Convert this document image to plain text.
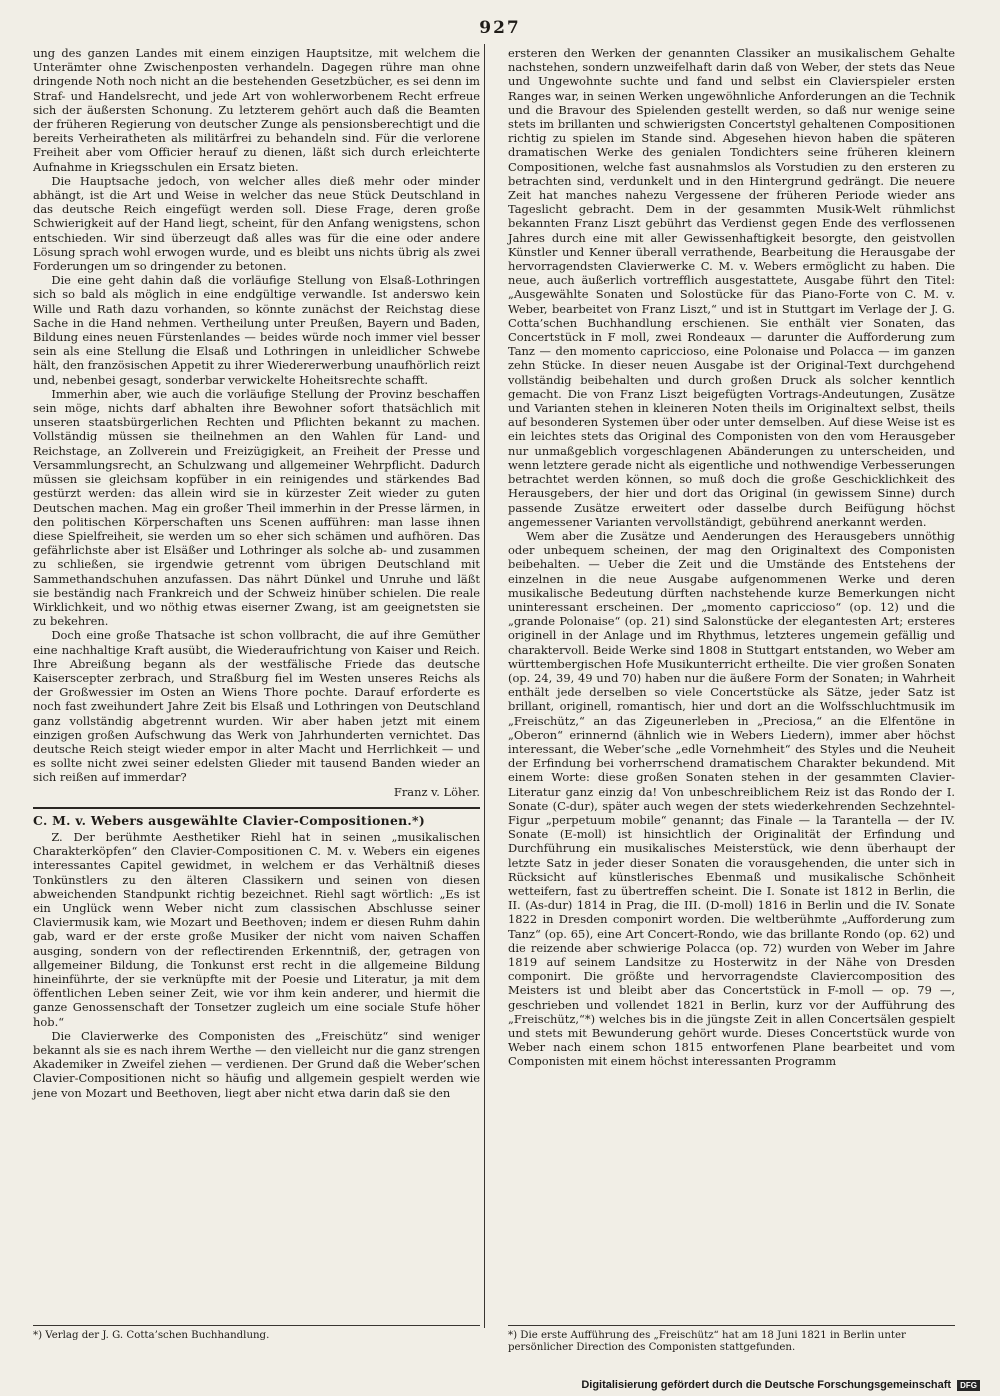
927

ung des ganzen Landes mit einem einzigen Hauptsitze, mit welchem die Unterämter ohne Zwischenposten verhandeln. Dagegen rühre man ohne dringende Noth noch nicht an die bestehenden Gesetzbücher, es sei denn im Straf- und Handelsrecht, und jede Art von wohlerworbenem Recht erfreue sich der äußersten Schonung. Zu letzterem gehört auch daß die Beamten der früheren Regierung von deutscher Zunge als pensionsberechtigt und die bereits Verheiratheten als militärfrei zu behandeln sind. Für die verlorene Freiheit aber vom Officier herauf zu dienen, läßt sich durch erleichterte Aufnahme in Kriegsschulen ein Ersatz bieten.

Die Hauptsache jedoch, von welcher alles dieß mehr oder minder abhängt, ist die Art und Weise in welcher das neue Stück Deutschland in das deutsche Reich eingefügt werden soll. Diese Frage, deren große Schwierigkeit auf der Hand liegt, scheint, für den Anfang wenigstens, schon entschieden. Wir sind überzeugt daß alles was für die eine oder andere Lösung sprach wohl erwogen wurde, und es bleibt uns nichts übrig als zwei Forderungen um so dringender zu betonen.

Die eine geht dahin daß die vorläufige Stellung von Elsaß-Lothringen sich so bald als möglich in eine endgültige verwandle. Ist anderswo kein Wille und Rath dazu vorhanden, so könnte zunächst der Reichstag diese Sache in die Hand nehmen. Vertheilung unter Preußen, Bayern und Baden, Bildung eines neuen Fürstenlandes — beides würde noch immer viel besser sein als eine Stellung die Elsaß und Lothringen in unleidlicher Schwebe hält, den französischen Appetit zu ihrer Wiedererwerbung unaufhörlich reizt und, nebenbei gesagt, sonderbar verwickelte Hoheitsrechte schafft.

Immerhin aber, wie auch die vorläufige Stellung der Provinz beschaffen sein möge, nichts darf abhalten ihre Bewohner sofort thatsächlich mit unseren staatsbürgerlichen Rechten und Pflichten bekannt zu machen. Vollständig müssen sie theilnehmen an den Wahlen für Land- und Reichstage, an Zollverein und Freizügigkeit, an Freiheit der Presse und Versammlungsrecht, an Schulzwang und allgemeiner Wehrpflicht. Dadurch müssen sie gleichsam kopfüber in ein reinigendes und stärkendes Bad gestürzt werden: das allein wird sie in kürzester Zeit wieder zu guten Deutschen machen. Mag ein großer Theil immerhin in der Presse lärmen, in den politischen Körperschaften uns Scenen aufführen: man lasse ihnen diese Spielfreiheit, sie werden um so eher sich schämen und aufhören. Das gefährlichste aber ist Elsäßer und Lothringer als solche ab- und zusammen zu schließen, sie irgendwie getrennt vom übrigen Deutschland mit Sammethandschuhen anzufassen. Das nährt Dünkel und Unruhe und läßt sie beständig nach Frankreich und der Schweiz hinüber schielen. Die reale Wirklichkeit, und wo nöthig etwas eiserner Zwang, ist am geeignetsten sie zu bekehren.

Doch eine große Thatsache ist schon vollbracht, die auf ihre Gemüther eine nachhaltige Kraft ausübt, die Wiederaufrichtung von Kaiser und Reich. Ihre Abreißung begann als der westfälische Friede das deutsche Kaiserscepter zerbrach, und Straßburg fiel im Westen unseres Reichs als der Großwessier im Osten an Wiens Thore pochte. Darauf erforderte es noch fast zweihundert Jahre Zeit bis Elsaß und Lothringen von Deutschland ganz vollständig abgetrennt wurden. Wir aber haben jetzt mit einem einzigen großen Aufschwung das Werk von Jahrhunderten vernichtet. Das deutsche Reich steigt wieder empor in alter Macht und Herrlichkeit — und es sollte nicht zwei seiner edelsten Glieder mit tausend Banden wieder an sich reißen auf immerdar?

Franz v. Löher.
C. M. v. Webers ausgewählte Clavier-Compositionen.*)

Z. Der berühmte Aesthetiker Riehl hat in seinen „musikalischen Charakterköpfen“ den Clavier-Compositionen C. M. v. Webers ein eigenes interessantes Capitel gewidmet, in welchem er das Verhältniß dieses Tonkünstlers zu den älteren Classikern und seinen von diesen abweichenden Standpunkt richtig bezeichnet. Riehl sagt wörtlich: „Es ist ein Unglück wenn Weber nicht zum classischen Abschlusse seiner Claviermusik kam, wie Mozart und Beethoven; indem er diesen Ruhm dahin gab, ward er der erste große Musiker der nicht vom naiven Schaffen ausging, sondern von der reflectirenden Erkenntniß, der, getragen von allgemeiner Bildung, die Tonkunst erst recht in die allgemeine Bildung hineinführte, der sie verknüpfte mit der Poesie und Literatur, ja mit dem öffentlichen Leben seiner Zeit, wie vor ihm kein anderer, und hiermit die ganze Genossenschaft der Tonsetzer zugleich um eine sociale Stufe höher hob.“

Die Clavierwerke des Componisten des „Freischütz“ sind weniger bekannt als sie es nach ihrem Werthe — den vielleicht nur die ganz strengen Akademiker in Zweifel ziehen — verdienen. Der Grund daß die Weber’schen Clavier-Compositionen nicht so häufig und allgemein gespielt werden wie jene von Mozart und Beethoven, liegt aber nicht etwa darin daß sie den

ersteren den Werken der genannten Classiker an musikalischem Gehalte nachstehen, sondern unzweifelhaft darin daß von Weber, der stets das Neue und Ungewohnte suchte und fand und selbst ein Clavierspieler ersten Ranges war, in seinen Werken ungewöhnliche Anforderungen an die Technik und die Bravour des Spielenden gestellt werden, so daß nur wenige seine stets im brillanten und schwierigsten Concertstyl gehaltenen Compositionen richtig zu spielen im Stande sind. Abgesehen hievon haben die späteren dramatischen Werke des genialen Tondichters seine früheren kleinern Compositionen, welche fast ausnahmslos als Vorstudien zu den ersteren zu betrachten sind, verdunkelt und in den Hintergrund gedrängt. Die neuere Zeit hat manches nahezu Vergessene der früheren Periode wieder ans Tageslicht gebracht. Dem in der gesammten Musik-Welt rühmlichst bekannten Franz Liszt gebührt das Verdienst gegen Ende des verflossenen Jahres durch eine mit aller Gewissenhaftigkeit besorgte, den geistvollen Künstler und Kenner überall verrathende, Bearbeitung die Herausgabe der hervorragendsten Clavierwerke C. M. v. Webers ermöglicht zu haben. Die neue, auch äußerlich vortrefflich ausgestattete, Ausgabe führt den Titel: „Ausgewählte Sonaten und Solostücke für das Piano-Forte von C. M. v. Weber, bearbeitet von Franz Liszt,“ und ist in Stuttgart im Verlage der J. G. Cotta’schen Buchhandlung erschienen. Sie enthält vier Sonaten, das Concertstück in F moll, zwei Rondeaux — darunter die Aufforderung zum Tanz — den momento capriccioso, eine Polonaise und Polacca — im ganzen zehn Stücke. In dieser neuen Ausgabe ist der Original-Text durchgehend vollständig beibehalten und durch großen Druck als solcher kenntlich gemacht. Die von Franz Liszt beigefügten Vortrags-Andeutungen, Zusätze und Varianten stehen in kleineren Noten theils im Originaltext selbst, theils auf besonderen Systemen über oder unter demselben. Auf diese Weise ist es ein leichtes stets das Original des Componisten von den vom Herausgeber nur unmaßgeblich vorgeschlagenen Abänderungen zu unterscheiden, und wenn letztere gerade nicht als eigentliche und nothwendige Verbesserungen betrachtet werden können, so muß doch die große Geschicklichkeit des Herausgebers, der hier und dort das Original (in gewissem Sinne) durch passende Zusätze erweitert oder dasselbe durch Beifügung höchst angemessener Varianten vervollständigt, gebührend anerkannt werden.

Wem aber die Zusätze und Aenderungen des Herausgebers unnöthig oder unbequem scheinen, der mag den Originaltext des Componisten beibehalten. — Ueber die Zeit und die Umstände des Entstehens der einzelnen in die neue Ausgabe aufgenommenen Werke und deren musikalische Bedeutung dürften nachstehende kurze Bemerkungen nicht uninteressant erscheinen. Der „momento capriccioso“ (op. 12) und die „grande Polonaise“ (op. 21) sind Salonstücke der elegantesten Art; ersteres originell in der Anlage und im Rhythmus, letzteres ungemein gefällig und charaktervoll. Beide Werke sind 1808 in Stuttgart entstanden, wo Weber am württembergischen Hofe Musikunterricht ertheilte. Die vier großen Sonaten (op. 24, 39, 49 und 70) haben nur die äußere Form der Sonaten; in Wahrheit enthält jede derselben so viele Concertstücke als Sätze, jeder Satz ist brillant, originell, romantisch, hier und dort an die Wolfsschluchtmusik im „Freischütz,“ an das Zigeunerleben in „Preciosa,“ an die Elfentöne in „Oberon“ erinnernd (ähnlich wie in Webers Liedern), immer aber höchst interessant, die Weber’sche „edle Vornehmheit“ des Styles und die Neuheit der Erfindung bei vorherrschend dramatischem Charakter bekundend. Mit einem Worte: diese großen Sonaten stehen in der gesammten Clavier-Literatur ganz einzig da! Von unbeschreiblichem Reiz ist das Rondo der I. Sonate (C-dur), später auch wegen der stets wiederkehrenden Sechzehntel-Figur „perpetuum mobile“ genannt; das Finale — la Tarantella — der IV. Sonate (E-moll) ist hinsichtlich der Originalität der Erfindung und Durchführung ein musikalisches Meisterstück, wie denn überhaupt der letzte Satz in jeder dieser Sonaten die vorausgehenden, die unter sich in Rücksicht auf künstlerisches Ebenmaß und musikalische Schönheit wetteifern, fast zu übertreffen scheint. Die I. Sonate ist 1812 in Berlin, die II. (As-dur) 1814 in Prag, die III. (D-moll) 1816 in Berlin und die IV. Sonate 1822 in Dresden componirt worden. Die weltberühmte „Aufforderung zum Tanz“ (op. 65), eine Art Concert-Rondo, wie das brillante Rondo (op. 62) und die reizende aber schwierige Polacca (op. 72) wurden von Weber im Jahre 1819 auf seinem Landsitze zu Hosterwitz in der Nähe von Dresden componirt. Die größte und hervorragendste Claviercomposition des Meisters ist und bleibt aber das Concertstück in F-moll — op. 79 —, geschrieben und vollendet 1821 in Berlin, kurz vor der Aufführung des „Freischütz,“*) welches bis in die jüngste Zeit in allen Concertsälen gespielt und stets mit Bewunderung gehört wurde. Dieses Concertstück wurde von Weber nach einem schon 1815 entworfenen Plane bearbeitet und vom Componisten mit einem höchst interessanten Programm

*) Verlag der J. G. Cotta’schen Buchhandlung.	*) Die erste Aufführung des „Freischütz“ hat am 18 Juni 1821 in Berlin unter persönlicher Direction des Componisten stattgefunden.
Digitalisierung gefördert durch die Deutsche Forschungsgemeinschaft	DFG
